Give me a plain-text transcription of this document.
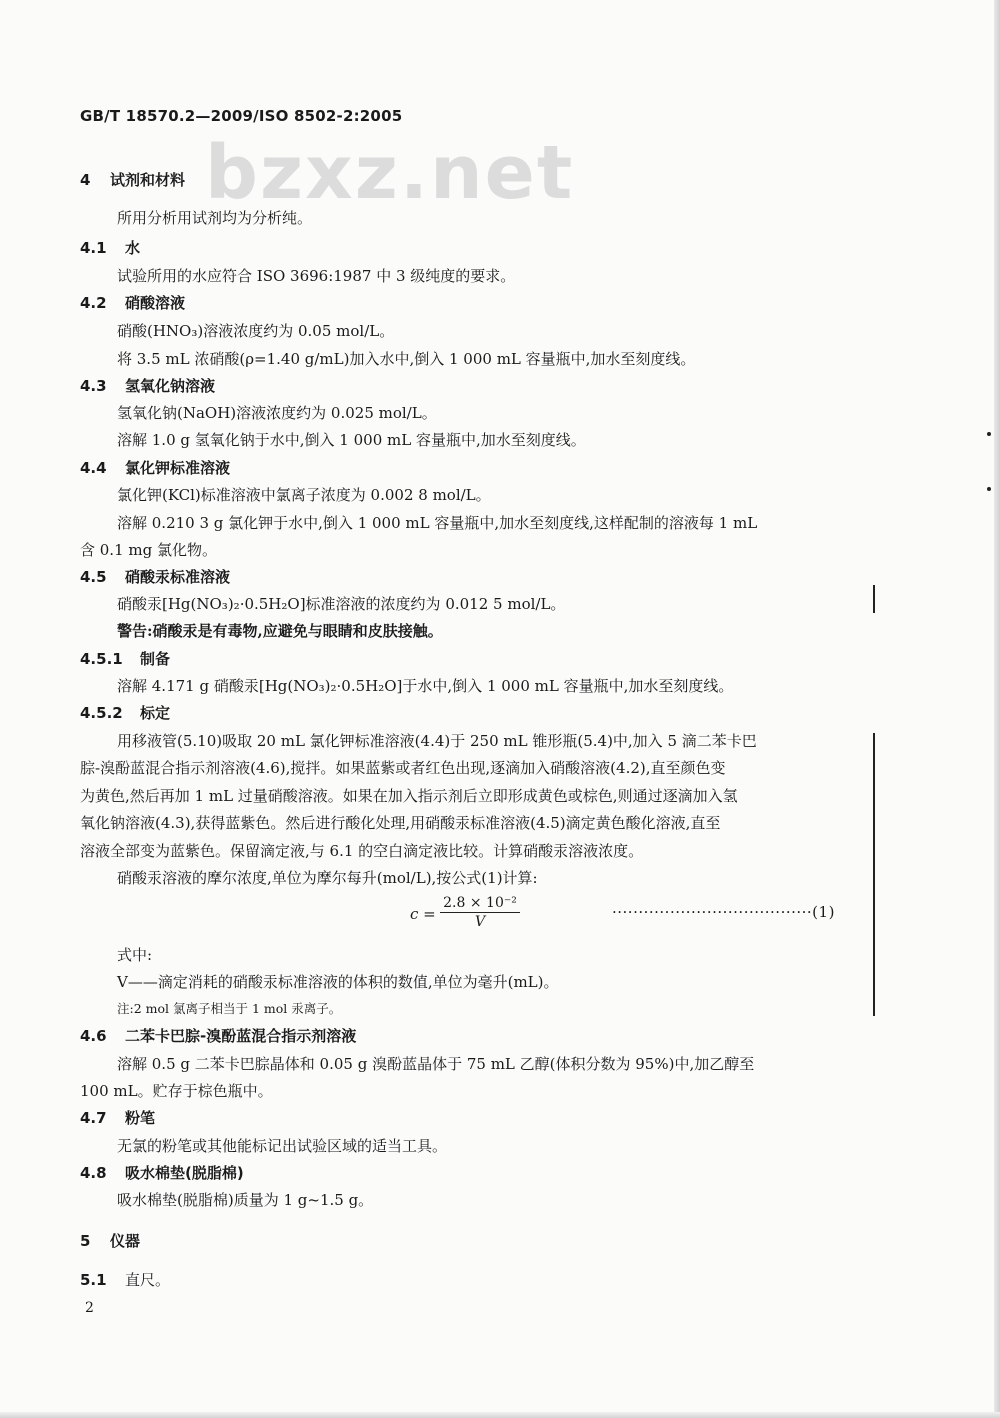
GB/T 18570.2—2009/ISO 8502-2:2005
bzxz.net
4 试剂和材料
所用分析用试剂均为分析纯。
4.1 水
试验所用的水应符合 ISO 3696:1987 中 3 级纯度的要求。
4.2 硝酸溶液
硝酸(HNO₃)溶液浓度约为 0.05 mol/L。
将 3.5 mL 浓硝酸(ρ=1.40 g/mL)加入水中,倒入 1 000 mL 容量瓶中,加水至刻度线。
4.3 氢氧化钠溶液
氢氧化钠(NaOH)溶液浓度约为 0.025 mol/L。
溶解 1.0 g 氢氧化钠于水中,倒入 1 000 mL 容量瓶中,加水至刻度线。
4.4 氯化钾标准溶液
氯化钾(KCl)标准溶液中氯离子浓度为 0.002 8 mol/L。
溶解 0.210 3 g 氯化钾于水中,倒入 1 000 mL 容量瓶中,加水至刻度线,这样配制的溶液每 1 mL
含 0.1 mg 氯化物。
4.5 硝酸汞标准溶液
硝酸汞[Hg(NO₃)₂·0.5H₂O]标准溶液的浓度约为 0.012 5 mol/L。
警告:硝酸汞是有毒物,应避免与眼睛和皮肤接触。
4.5.1 制备
溶解 4.171 g 硝酸汞[Hg(NO₃)₂·0.5H₂O]于水中,倒入 1 000 mL 容量瓶中,加水至刻度线。
4.5.2 标定
用移液管(5.10)吸取 20 mL 氯化钾标准溶液(4.4)于 250 mL 锥形瓶(5.4)中,加入 5 滴二苯卡巴
腙-溴酚蓝混合指示剂溶液(4.6),搅拌。如果蓝紫或者红色出现,逐滴加入硝酸溶液(4.2),直至颜色变
为黄色,然后再加 1 mL 过量硝酸溶液。如果在加入指示剂后立即形成黄色或棕色,则通过逐滴加入氢
氧化钠溶液(4.3),获得蓝紫色。然后进行酸化处理,用硝酸汞标准溶液(4.5)滴定黄色酸化溶液,直至
溶液全部变为蓝紫色。保留滴定液,与 6.1 的空白滴定液比较。计算硝酸汞溶液浓度。
硝酸汞溶液的摩尔浓度,单位为摩尔每升(mol/L),按公式(1)计算:
$c = \frac{\text{2.8 × 10⁻²}}{V}$	······································(1)
式中:
V——滴定消耗的硝酸汞标准溶液的体积的数值,单位为毫升(mL)。
注:2 mol 氯离子相当于 1 mol 汞离子。
4.6 二苯卡巴腙-溴酚蓝混合指示剂溶液
溶解 0.5 g 二苯卡巴腙晶体和 0.05 g 溴酚蓝晶体于 75 mL 乙醇(体积分数为 95%)中,加乙醇至
100 mL。贮存于棕色瓶中。
4.7 粉笔
无氯的粉笔或其他能标记出试验区域的适当工具。
4.8 吸水棉垫(脱脂棉)
吸水棉垫(脱脂棉)质量为 1 g~1.5 g。
5 仪器
5.1 直尺。
2
